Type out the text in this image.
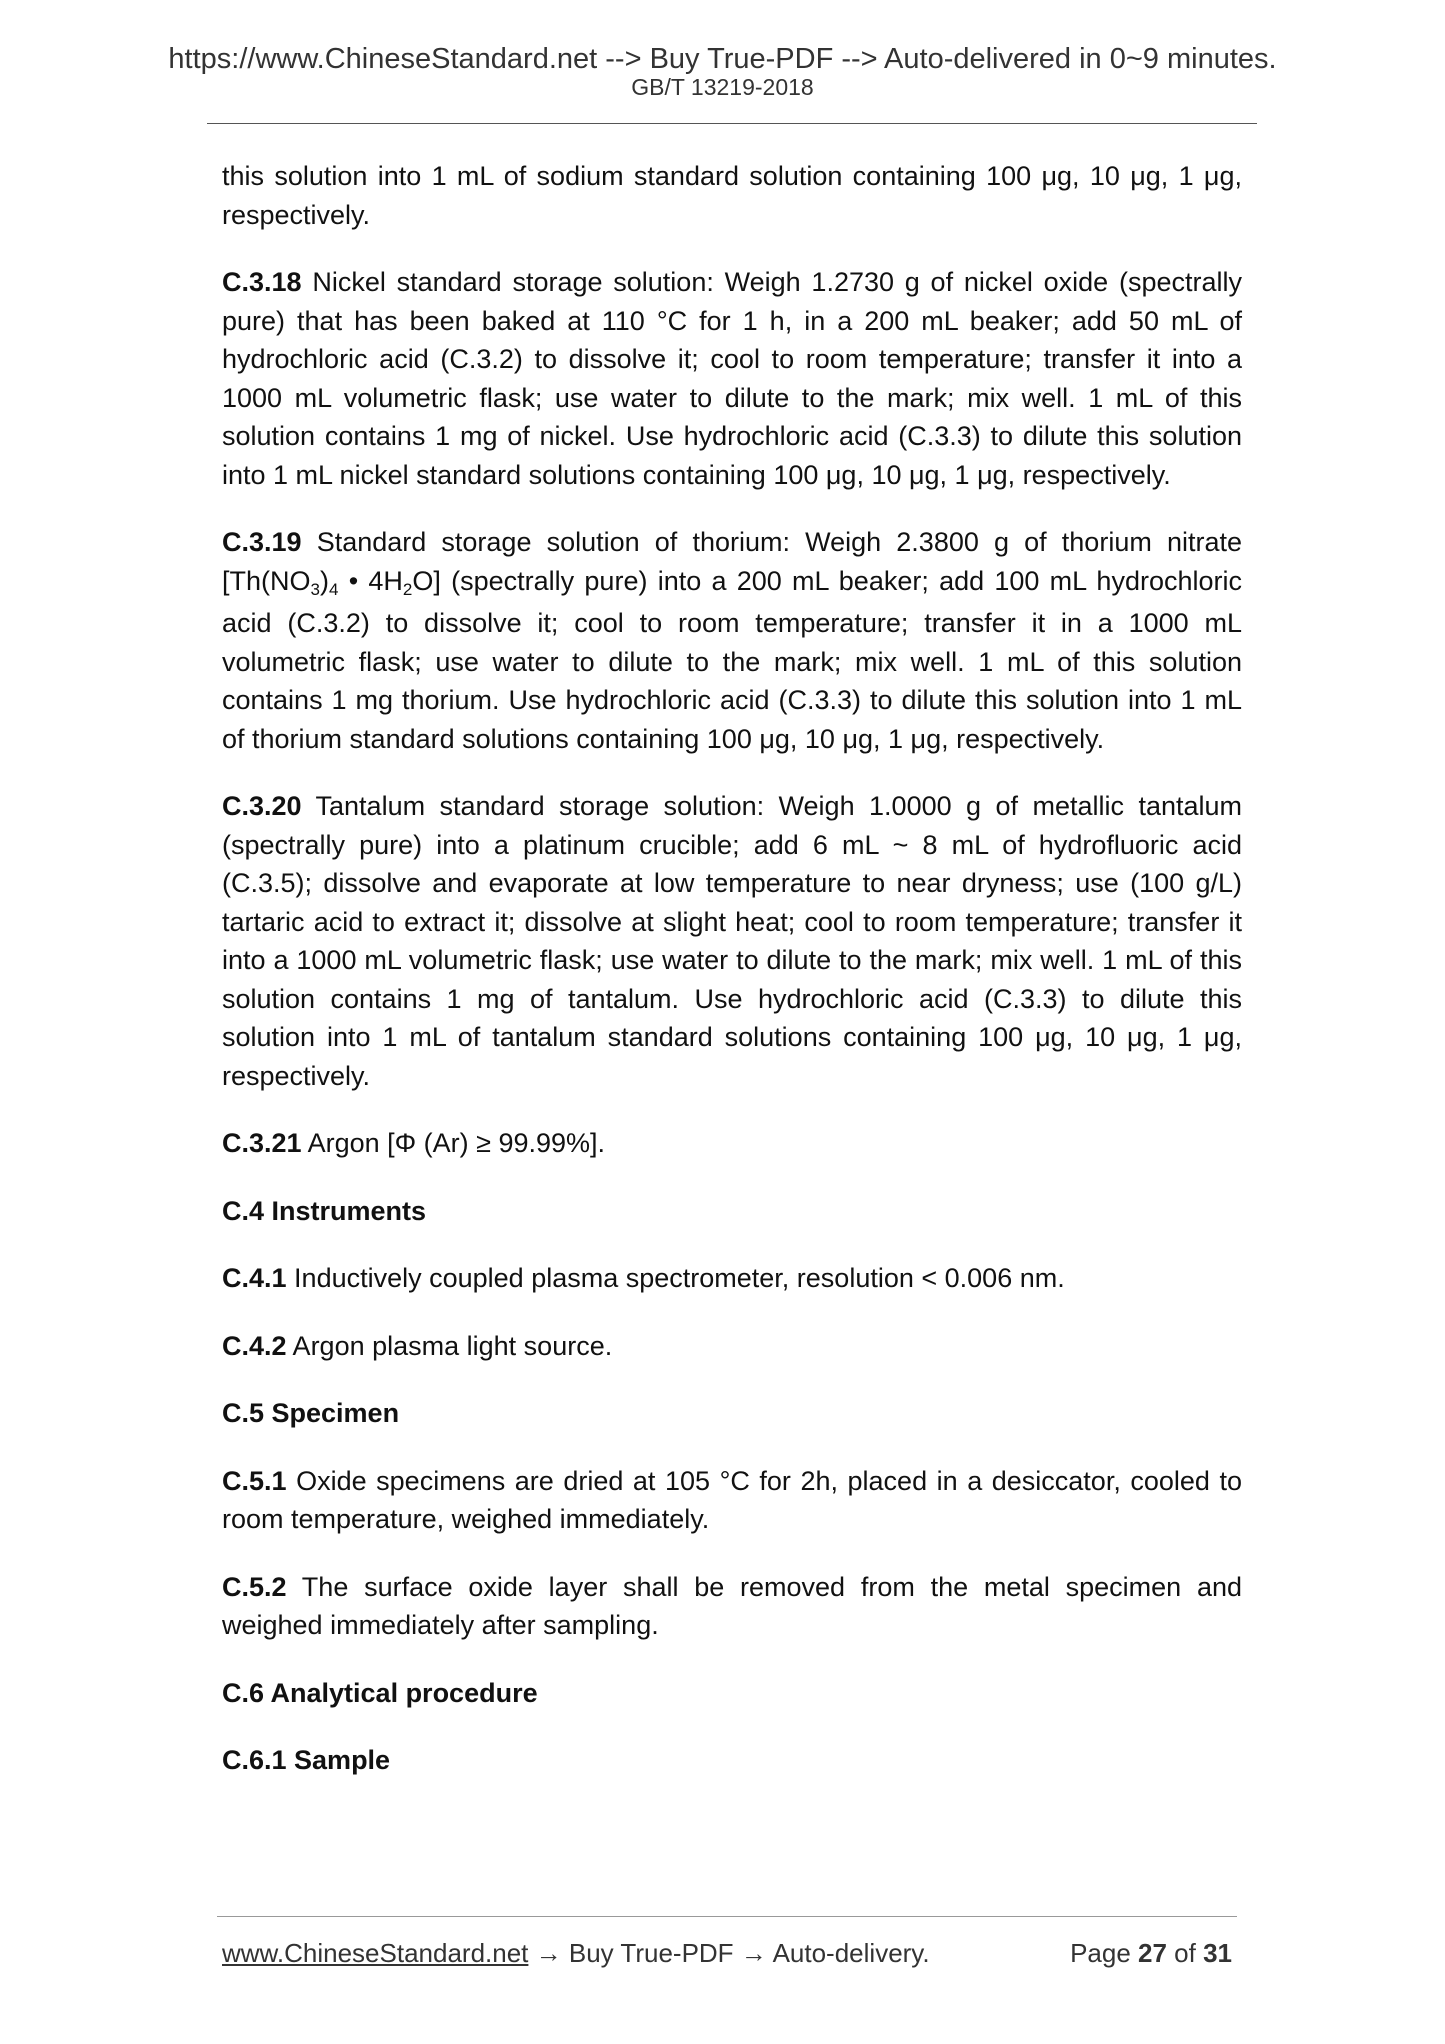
https://www.ChineseStandard.net --> Buy True-PDF --> Auto-delivered in 0~9 minutes.
GB/T 13219-2018

this solution into 1 mL of sodium standard solution containing 100 μg, 10 μg, 1 μg, respectively.

C.3.18 Nickel standard storage solution: Weigh 1.2730 g of nickel oxide (spectrally pure) that has been baked at 110 °C for 1 h, in a 200 mL beaker; add 50 mL of hydrochloric acid (C.3.2) to dissolve it; cool to room temperature; transfer it into a 1000 mL volumetric flask; use water to dilute to the mark; mix well. 1 mL of this solution contains 1 mg of nickel. Use hydrochloric acid (C.3.3) to dilute this solution into 1 mL nickel standard solutions containing 100 μg, 10 μg, 1 μg, respectively.

C.3.19 Standard storage solution of thorium: Weigh 2.3800 g of thorium nitrate [Th(NO3)4 • 4H2O] (spectrally pure) into a 200 mL beaker; add 100 mL hydrochloric acid (C.3.2) to dissolve it; cool to room temperature; transfer it in a 1000 mL volumetric flask; use water to dilute to the mark; mix well. 1 mL of this solution contains 1 mg thorium. Use hydrochloric acid (C.3.3) to dilute this solution into 1 mL of thorium standard solutions containing 100 μg, 10 μg, 1 μg, respectively.

C.3.20 Tantalum standard storage solution: Weigh 1.0000 g of metallic tantalum (spectrally pure) into a platinum crucible; add 6 mL ~ 8 mL of hydrofluoric acid (C.3.5); dissolve and evaporate at low temperature to near dryness; use (100 g/L) tartaric acid to extract it; dissolve at slight heat; cool to room temperature; transfer it into a 1000 mL volumetric flask; use water to dilute to the mark; mix well. 1 mL of this solution contains 1 mg of tantalum. Use hydrochloric acid (C.3.3) to dilute this solution into 1 mL of tantalum standard solutions containing 100 μg, 10 μg, 1 μg, respectively.

C.3.21 Argon [Φ (Ar) ≥ 99.99%].

C.4 Instruments

C.4.1 Inductively coupled plasma spectrometer, resolution < 0.006 nm.

C.4.2 Argon plasma light source.

C.5 Specimen

C.5.1 Oxide specimens are dried at 105 °C for 2h, placed in a desiccator, cooled to room temperature, weighed immediately.

C.5.2 The surface oxide layer shall be removed from the metal specimen and weighed immediately after sampling.

C.6 Analytical procedure

C.6.1 Sample

www.ChineseStandard.net → Buy True-PDF → Auto-delivery.	Page 27 of 31
